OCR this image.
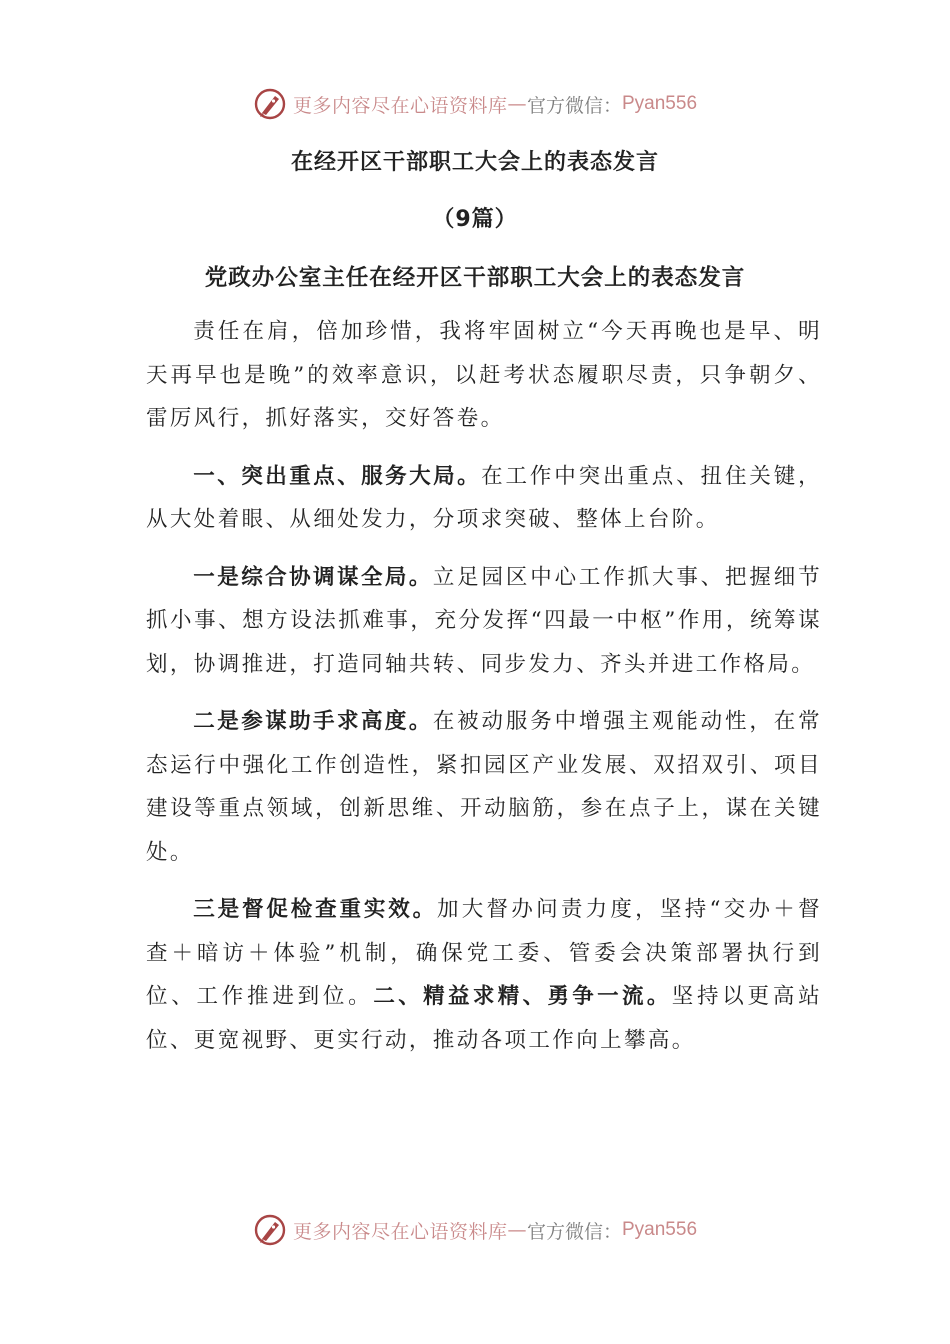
更多内容尽在心语资料库 — 官方微信： Pyan556
在经开区干部职工大会上的表态发言
（9篇）
党政办公室主任在经开区干部职工大会上的表态发言

责任在肩，倍加珍惜，我将牢固树立“今天再晚也是早、明天再早也是晚”的效率意识，以赶考状态履职尽责，只争朝夕、雷厉风行，抓好落实，交好答卷。

一、突出重点、服务大局。在工作中突出重点、扭住关键，从大处着眼、从细处发力，分项求突破、整体上台阶。

一是综合协调谋全局。立足园区中心工作抓大事、把握细节抓小事、想方设法抓难事，充分发挥“四最一中枢”作用，统筹谋划，协调推进，打造同轴共转、同步发力、齐头并进工作格局。

二是参谋助手求高度。在被动服务中增强主观能动性，在常态运行中强化工作创造性，紧扣园区产业发展、双招双引、项目建设等重点领域，创新思维、开动脑筋，参在点子上，谋在关键处。

三是督促检查重实效。加大督办问责力度，坚持“交办＋督查＋暗访＋体验”机制，确保党工委、管委会决策部署执行到位、工作推进到位。二、精益求精、勇争一流。坚持以更高站位、更宽视野、更实行动，推动各项工作向上攀高。

更多内容尽在心语资料库 — 官方微信： Pyan556
